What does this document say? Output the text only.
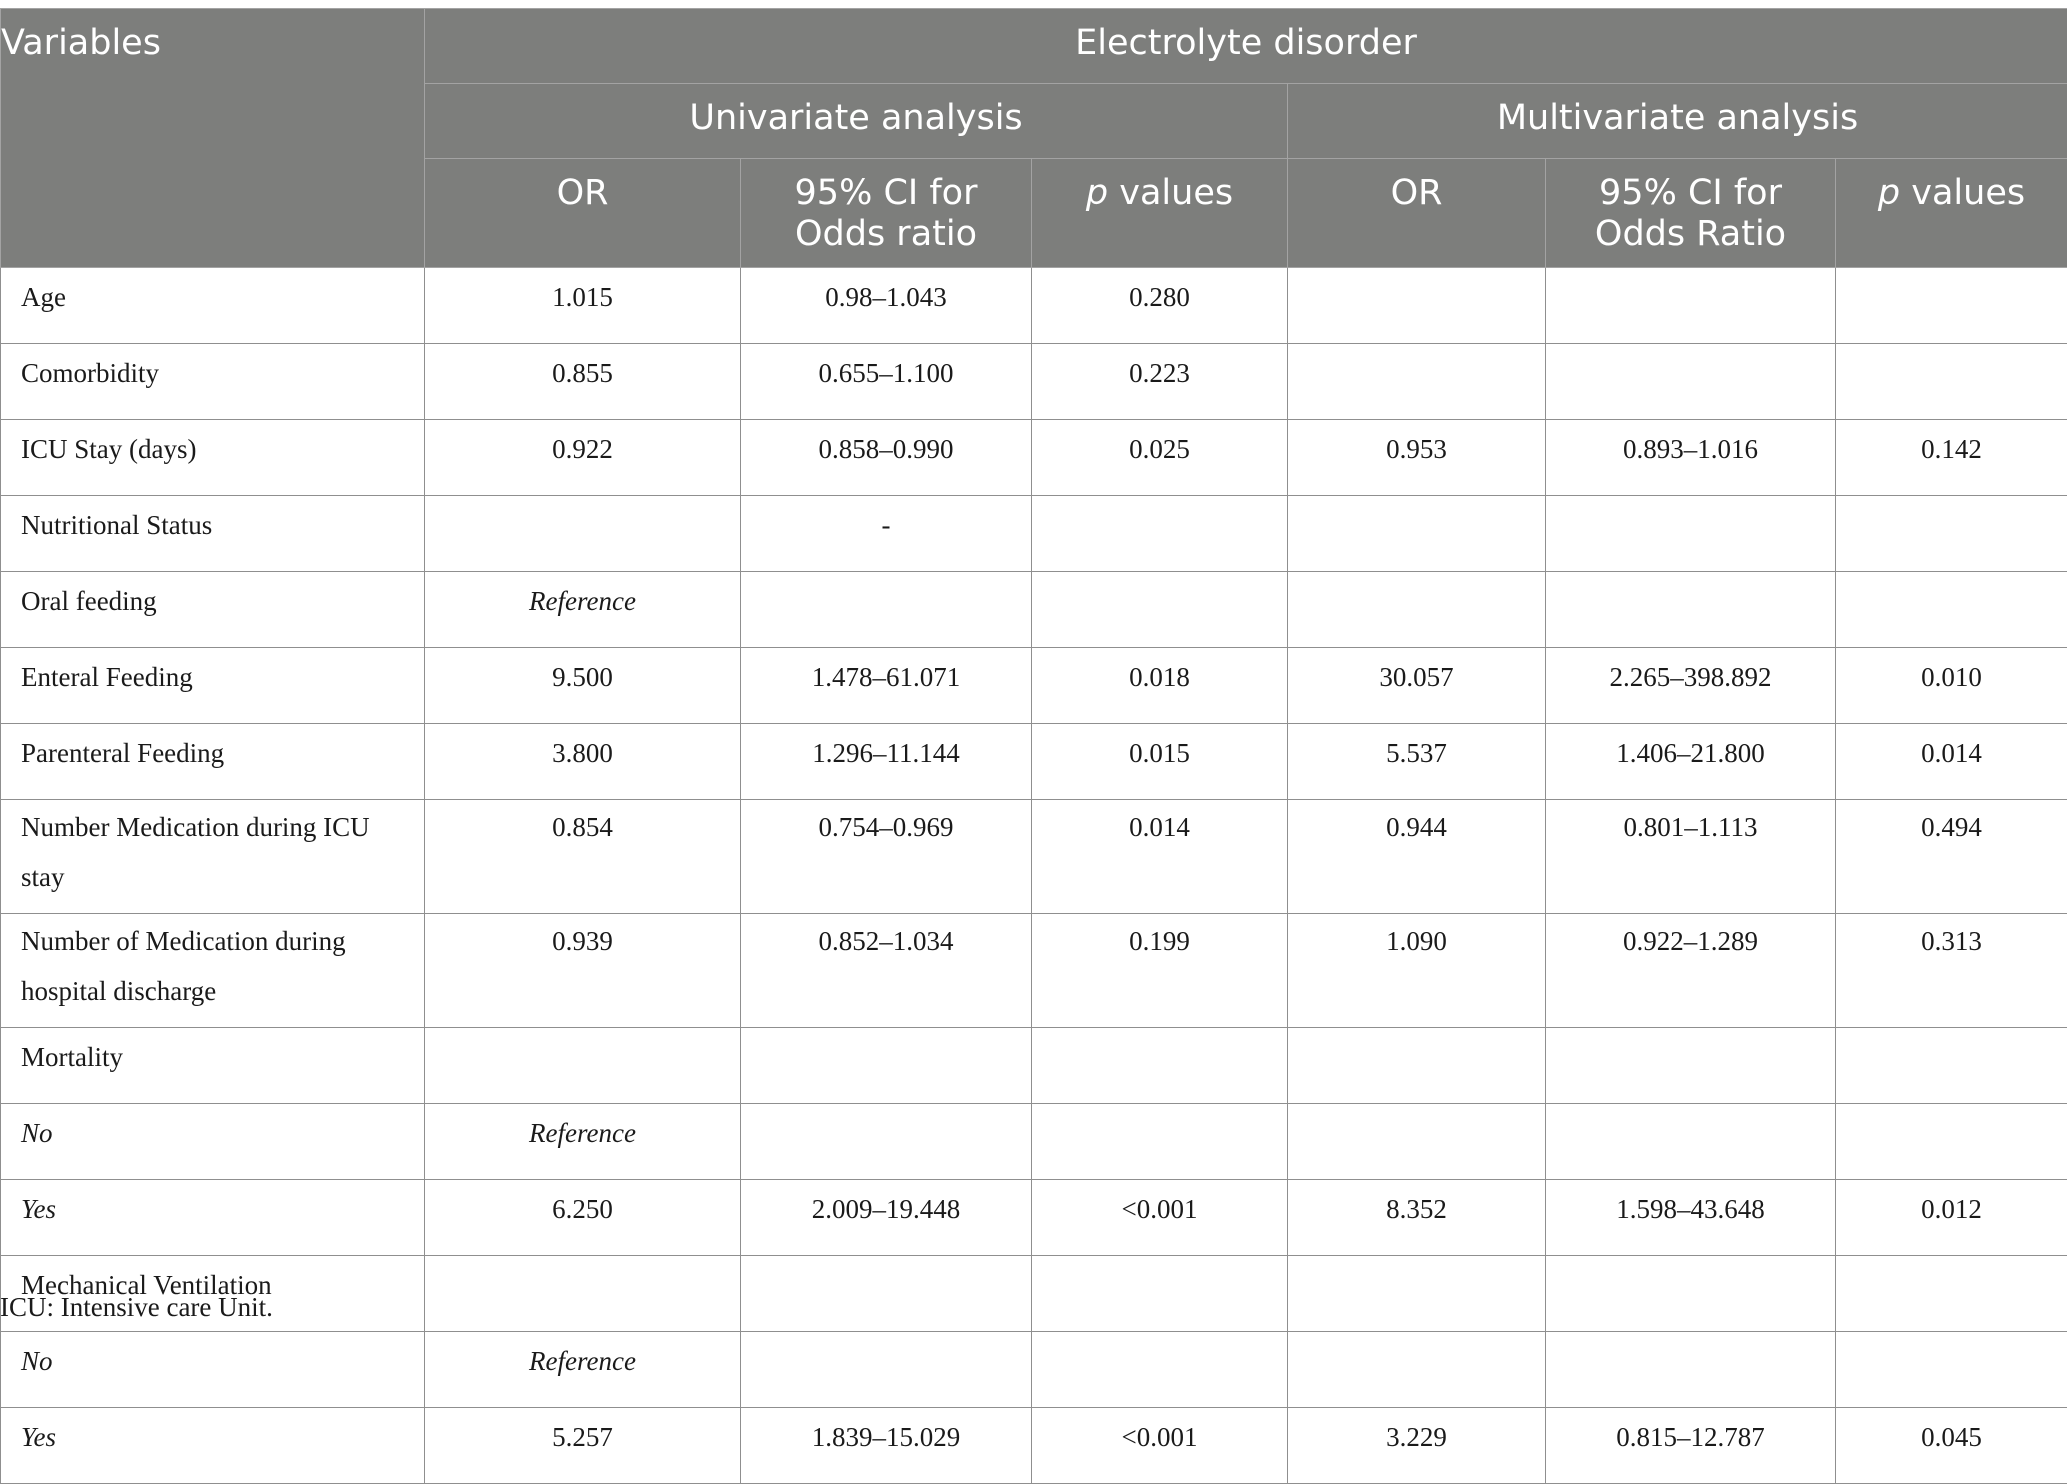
Variables	Electrolyte disorder					
	Univariate analysis			Multivariate analysis		
	OR	95% CI for Odds ratio	p values	OR	95% CI for Odds Ratio	p values
Age	1.015	0.98–1.043	0.280			
Comorbidity	0.855	0.655–1.100	0.223			
ICU Stay (days)	0.922	0.858–0.990	0.025	0.953	0.893–1.016	0.142
Nutritional Status		-				
Oral feeding	Reference					
Enteral Feeding	9.500	1.478–61.071	0.018	30.057	2.265–398.892	0.010
Parenteral Feeding	3.800	1.296–11.144	0.015	5.537	1.406–21.800	0.014
Number Medication during ICU stay	0.854	0.754–0.969	0.014	0.944	0.801–1.113	0.494
Number of Medication during hospital discharge	0.939	0.852–1.034	0.199	1.090	0.922–1.289	0.313
Mortality						
No	Reference					
Yes	6.250	2.009–19.448	<0.001	8.352	1.598–43.648	0.012
Mechanical Ventilation						
No	Reference					
Yes	5.257	1.839–15.029	<0.001	3.229	0.815–12.787	0.045
ICU: Intensive care Unit.
